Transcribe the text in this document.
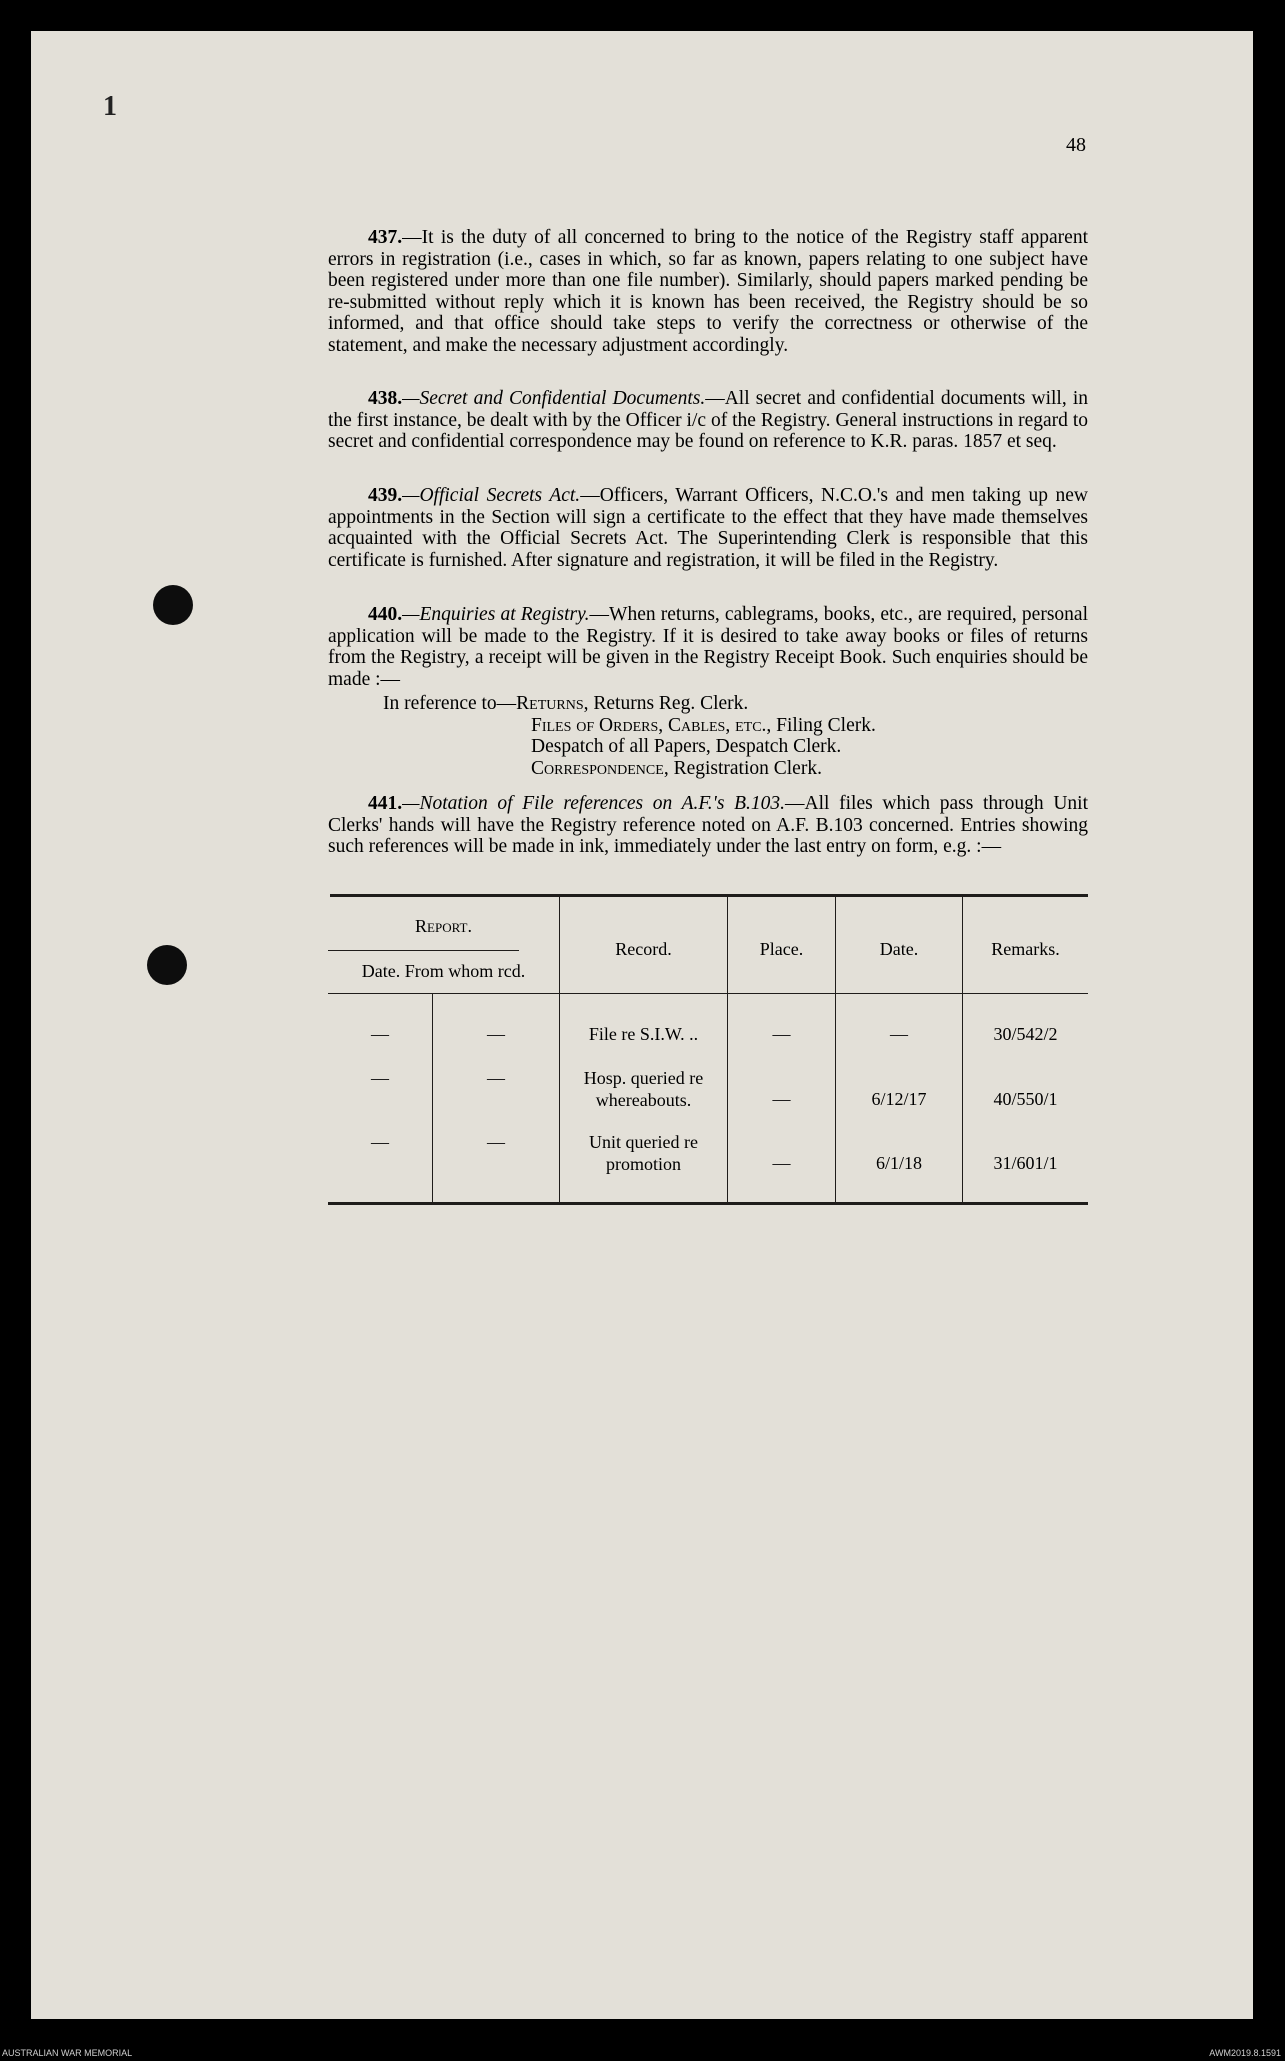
1
48

437.—It is the duty of all concerned to bring to the notice of the Registry staff apparent errors in registration (i.e., cases in which, so far as known, papers relating to one subject have been registered under more than one file number). Similarly, should papers marked pending be re-submitted without reply which it is known has been received, the Registry should be so informed, and that office should take steps to verify the correctness or otherwise of the statement, and make the necessary adjustment accordingly.

438.—Secret and Confidential Documents.—All secret and confidential documents will, in the first instance, be dealt with by the Officer i/c of the Registry. General instructions in regard to secret and confidential correspondence may be found on reference to K.R. paras. 1857 et seq.

439.—Official Secrets Act.—Officers, Warrant Officers, N.C.O.'s and men taking up new appointments in the Section will sign a certificate to the effect that they have made themselves acquainted with the Official Secrets Act. The Superintending Clerk is responsible that this certificate is furnished. After signature and registration, it will be filed in the Registry.

440.—Enquiries at Registry.—When returns, cablegrams, books, etc., are required, personal application will be made to the Registry. If it is desired to take away books or files of returns from the Registry, a receipt will be given in the Registry Receipt Book. Such enquiries should be made :—

In reference to—Returns, Returns Reg. Clerk.
Files of Orders, Cables, etc., Filing Clerk.
Despatch of all Papers, Despatch Clerk.
Correspondence, Registration Clerk.

441.—Notation of File references on A.F.'s B.103.—All files which pass through Unit Clerks' hands will have the Registry reference noted on A.F. B.103 concerned. Entries showing such references will be made in ink, immediately under the last entry on form, e.g. :—

Report.
Date. From whom rcd.
Record.	Place.	Date.	Remarks.
—	—	File re S.I.W. ..	—	—	30/542/2
—	—	Hosp. queried re
whereabouts.	—	6/12/17	40/550/1
—	—	Unit queried re
promotion	—	6/1/18	31/601/1
AUSTRALIAN WAR MEMORIAL	AWM2019.8.1591
